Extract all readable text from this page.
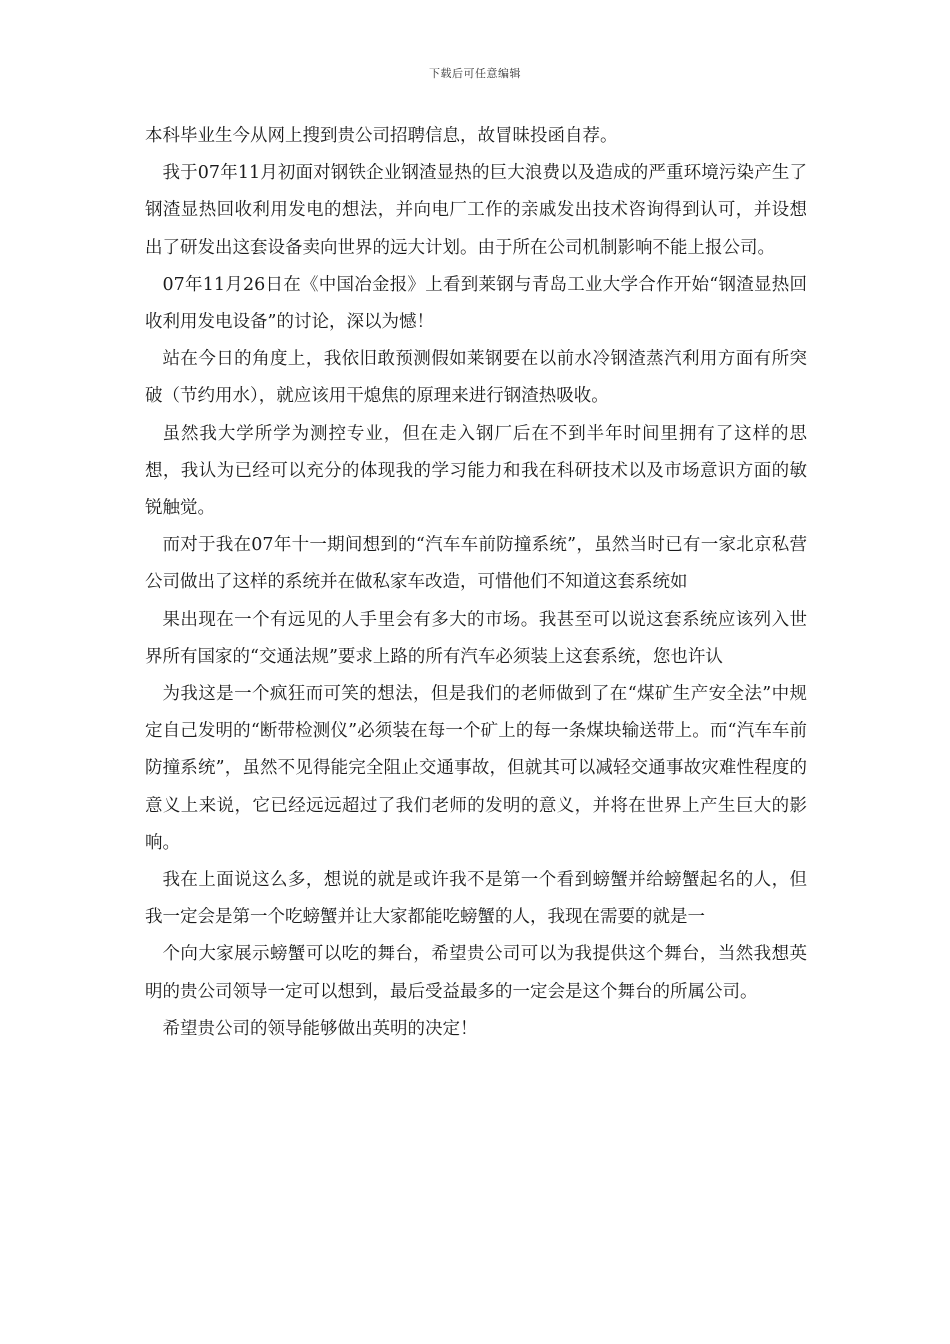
下载后可任意编辑

本科毕业生今从网上搜到贵公司招聘信息，故冒昧投函自荐。

我于07年11月初面对钢铁企业钢渣显热的巨大浪费以及造成的严重环境污染产生了钢渣显热回收利用发电的想法，并向电厂工作的亲戚发出技术咨询得到认可，并设想出了研发出这套设备卖向世界的远大计划。由于所在公司机制影响不能上报公司。

07年11月26日在《中国冶金报》上看到莱钢与青岛工业大学合作开始“钢渣显热回收利用发电设备”的讨论，深以为憾！

站在今日的角度上，我依旧敢预测假如莱钢要在以前水冷钢渣蒸汽利用方面有所突破（节约用水），就应该用干熄焦的原理来进行钢渣热吸收。

虽然我大学所学为测控专业，但在走入钢厂后在不到半年时间里拥有了这样的思想，我认为已经可以充分的体现我的学习能力和我在科研技术以及市场意识方面的敏锐触觉。

而对于我在07年十一期间想到的“汽车车前防撞系统”，虽然当时已有一家北京私营公司做出了这样的系统并在做私家车改造，可惜他们不知道这套系统如

果出现在一个有远见的人手里会有多大的市场。我甚至可以说这套系统应该列入世界所有国家的“交通法规”要求上路的所有汽车必须装上这套系统，您也许认

为我这是一个疯狂而可笑的想法，但是我们的老师做到了在“煤矿生产安全法”中规定自己发明的“断带检测仪”必须装在每一个矿上的每一条煤块输送带上。而“汽车车前防撞系统”，虽然不见得能完全阻止交通事故，但就其可以减轻交通事故灾难性程度的意义上来说，它已经远远超过了我们老师的发明的意义，并将在世界上产生巨大的影响。

我在上面说这么多，想说的就是或许我不是第一个看到螃蟹并给螃蟹起名的人，但我一定会是第一个吃螃蟹并让大家都能吃螃蟹的人，我现在需要的就是一

个向大家展示螃蟹可以吃的舞台，希望贵公司可以为我提供这个舞台，当然我想英明的贵公司领导一定可以想到，最后受益最多的一定会是这个舞台的所属公司。

希望贵公司的领导能够做出英明的决定！
